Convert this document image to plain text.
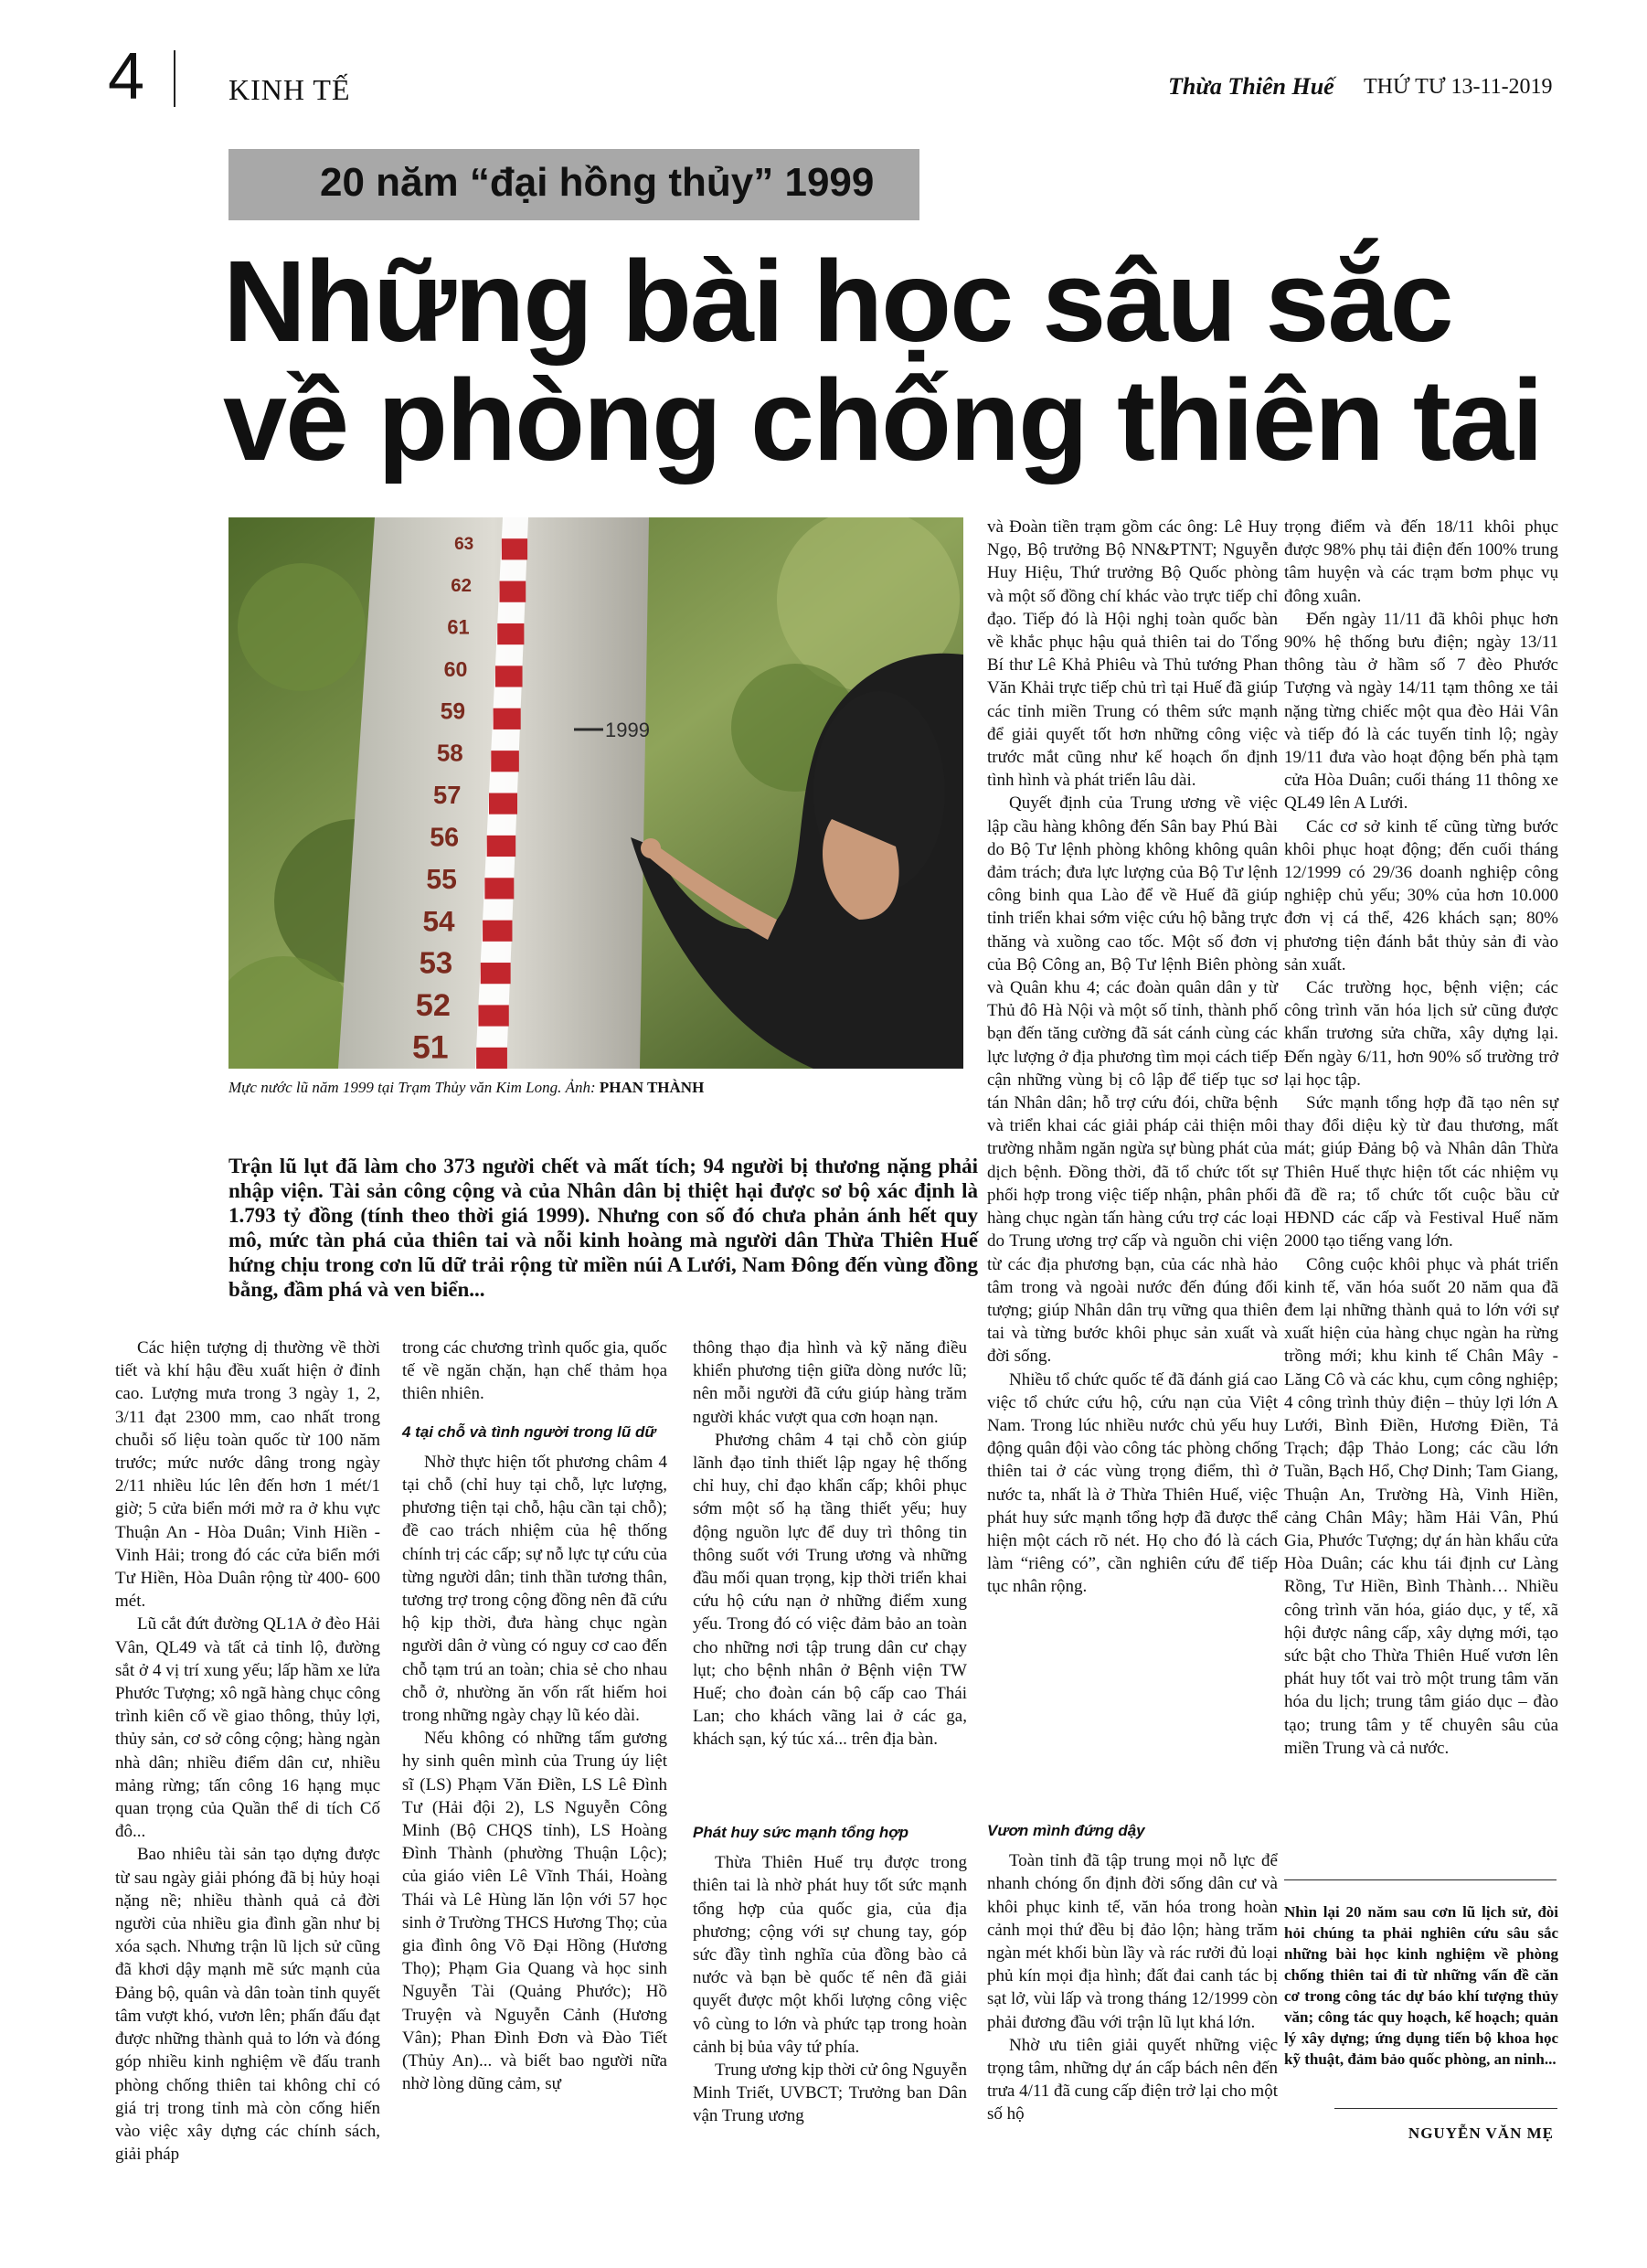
4	KINH TẾ	Thừa Thiên Huế THỨ TƯ 13-11-2019
20 năm “đại hồng thủy” 1999
Những bài học sâu sắc
về phòng chống thiên tai
63
62
61
60
59
58
57
56
55
54
53
52
51
1999
Mực nước lũ năm 1999 tại Trạm Thủy văn Kim Long. Ảnh: PHAN THÀNH
Trận lũ lụt đã làm cho 373 người chết và mất tích; 94 người bị thương nặng phải nhập viện. Tài sản công cộng và của Nhân dân bị thiệt hại được sơ bộ xác định là 1.793 tỷ đồng (tính theo thời giá 1999). Nhưng con số đó chưa phản ánh hết quy mô, mức tàn phá của thiên tai và nỗi kinh hoàng mà người dân Thừa Thiên Huế hứng chịu trong cơn lũ dữ trải rộng từ miền núi A Lưới, Nam Đông đến vùng đồng bằng, đầm phá và ven biển...

Các hiện tượng dị thường về thời tiết và khí hậu đều xuất hiện ở đỉnh cao. Lượng mưa trong 3 ngày 1, 2, 3/11 đạt 2300 mm, cao nhất trong chuỗi số liệu toàn quốc từ 100 năm trước; mức nước dâng trong ngày 2/11 nhiều lúc lên đến hơn 1 mét/1 giờ; 5 cửa biển mới mở ra ở khu vực Thuận An - Hòa Duân; Vinh Hiền - Vinh Hải; trong đó các cửa biển mới Tư Hiền, Hòa Duân rộng từ 400- 600 mét.

Lũ cắt đứt đường QL1A ở đèo Hải Vân, QL49 và tất cả tỉnh lộ, đường sắt ở 4 vị trí xung yếu; lấp hầm xe lửa Phước Tượng; xô ngã hàng chục công trình kiên cố về giao thông, thủy lợi, thủy sản, cơ sở công cộng; hàng ngàn nhà dân; nhiều điểm dân cư, nhiều mảng rừng; tấn công 16 hạng mục quan trọng của Quần thể di tích Cố đô...

Bao nhiêu tài sản tạo dựng được từ sau ngày giải phóng đã bị hủy hoại nặng nề; nhiều thành quả cả đời người của nhiều gia đình gần như bị xóa sạch. Nhưng trận lũ lịch sử cũng đã khơi dậy mạnh mẽ sức mạnh của Đảng bộ, quân và dân toàn tỉnh quyết tâm vượt khó, vươn lên; phấn đấu đạt được những thành quả to lớn và đóng góp nhiều kinh nghiệm về đấu tranh phòng chống thiên tai không chỉ có giá trị trong tỉnh mà còn cống hiến vào việc xây dựng các chính sách, giải pháp

trong các chương trình quốc gia, quốc tế về ngăn chặn, hạn chế thảm họa thiên nhiên.

4 tại chỗ và tình người trong lũ dữ

Nhờ thực hiện tốt phương châm 4 tại chỗ (chỉ huy tại chỗ, lực lượng, phương tiện tại chỗ, hậu cần tại chỗ); đề cao trách nhiệm của hệ thống chính trị các cấp; sự nỗ lực tự cứu của từng người dân; tinh thần tương thân, tương trợ trong cộng đồng nên đã cứu hộ kịp thời, đưa hàng chục ngàn người dân ở vùng có nguy cơ cao đến chỗ tạm trú an toàn; chia sẻ cho nhau chỗ ở, nhường ăn vốn rất hiếm hoi trong những ngày chạy lũ kéo dài.

Nếu không có những tấm gương hy sinh quên mình của Trung úy liệt sĩ (LS) Phạm Văn Điền, LS Lê Đình Tư (Hải đội 2), LS Nguyễn Công Minh (Bộ CHQS tỉnh), LS Hoàng Đình Thành (phường Thuận Lộc); của giáo viên Lê Vĩnh Thái, Hoàng Thái và Lê Hùng lăn lộn với 57 học sinh ở Trường THCS Hương Thọ; của gia đình ông Võ Đại Hồng (Hương Thọ); Phạm Gia Quang và học sinh Nguyễn Tài (Quảng Phước); Hồ Truyện và Nguyễn Cảnh (Hương Vân); Phan Đình Đơn và Đào Tiết (Thủy An)... và biết bao người nữa nhờ lòng dũng cảm, sự

thông thạo địa hình và kỹ năng điều khiển phương tiện giữa dòng nước lũ; nên mỗi người đã cứu giúp hàng trăm người khác vượt qua cơn hoạn nạn.

Phương châm 4 tại chỗ còn giúp lãnh đạo tỉnh thiết lập ngay hệ thống chỉ huy, chỉ đạo khẩn cấp; khôi phục sớm một số hạ tầng thiết yếu; huy động nguồn lực để duy trì thông tin thông suốt với Trung ương và những đầu mối quan trọng, kịp thời triển khai cứu hộ cứu nạn ở những điểm xung yếu. Trong đó có việc đảm bảo an toàn cho những nơi tập trung dân cư chạy lụt; cho bệnh nhân ở Bệnh viện TW Huế; cho đoàn cán bộ cấp cao Thái Lan; cho khách vãng lai ở các ga, khách sạn, ký túc xá... trên địa bàn.

Phát huy sức mạnh tổng hợp

Thừa Thiên Huế trụ được trong thiên tai là nhờ phát huy tốt sức mạnh tổng hợp của quốc gia, của địa phương; cộng với sự chung tay, góp sức đầy tình nghĩa của đồng bào cả nước và bạn bè quốc tế nên đã giải quyết được một khối lượng công việc vô cùng to lớn và phức tạp trong hoàn cảnh bị bủa vây tứ phía.

Trung ương kịp thời cử ông Nguyễn Minh Triết, UVBCT; Trưởng ban Dân vận Trung ương

và Đoàn tiền trạm gồm các ông: Lê Huy Ngọ, Bộ trưởng Bộ NN&PTNT; Nguyễn Huy Hiệu, Thứ trưởng Bộ Quốc phòng và một số đồng chí khác vào trực tiếp chỉ đạo. Tiếp đó là Hội nghị toàn quốc bàn về khắc phục hậu quả thiên tai do Tổng Bí thư Lê Khả Phiêu và Thủ tướng Phan Văn Khải trực tiếp chủ trì tại Huế đã giúp các tỉnh miền Trung có thêm sức mạnh để giải quyết tốt hơn những công việc trước mắt cũng như kế hoạch ổn định tình hình và phát triển lâu dài.

Quyết định của Trung ương về việc lập cầu hàng không đến Sân bay Phú Bài do Bộ Tư lệnh phòng không không quân đảm trách; đưa lực lượng của Bộ Tư lệnh công binh qua Lào để về Huế đã giúp tỉnh triển khai sớm việc cứu hộ bằng trực thăng và xuồng cao tốc. Một số đơn vị của Bộ Công an, Bộ Tư lệnh Biên phòng và Quân khu 4; các đoàn quân dân y từ Thủ đô Hà Nội và một số tỉnh, thành phố bạn đến tăng cường đã sát cánh cùng các lực lượng ở địa phương tìm mọi cách tiếp cận những vùng bị cô lập để tiếp tục sơ tán Nhân dân; hỗ trợ cứu đói, chữa bệnh và triển khai các giải pháp cải thiện môi trường nhằm ngăn ngừa sự bùng phát của dịch bệnh. Đồng thời, đã tổ chức tốt sự phối hợp trong việc tiếp nhận, phân phối hàng chục ngàn tấn hàng cứu trợ các loại do Trung ương trợ cấp và nguồn chi viện từ các địa phương bạn, của các nhà hảo tâm trong và ngoài nước đến đúng đối tượng; giúp Nhân dân trụ vững qua thiên tai và từng bước khôi phục sản xuất và đời sống.

Nhiều tổ chức quốc tế đã đánh giá cao việc tổ chức cứu hộ, cứu nạn của Việt Nam. Trong lúc nhiều nước chủ yếu huy động quân đội vào công tác phòng chống thiên tai ở các vùng trọng điểm, thì ở nước ta, nhất là ở Thừa Thiên Huế, việc phát huy sức mạnh tổng hợp đã được thể hiện một cách rõ nét. Họ cho đó là cách làm “riêng có”, cần nghiên cứu để tiếp tục nhân rộng.

Vươn mình đứng dậy

Toàn tỉnh đã tập trung mọi nỗ lực để nhanh chóng ổn định đời sống dân cư và khôi phục kinh tế, văn hóa trong hoàn cảnh mọi thứ đều bị đảo lộn; hàng trăm ngàn mét khối bùn lầy và rác rưởi đủ loại phủ kín mọi địa hình; đất đai canh tác bị sạt lở, vùi lấp và trong tháng 12/1999 còn phải đương đầu với trận lũ lụt khá lớn.

Nhờ ưu tiên giải quyết những việc trọng tâm, những dự án cấp bách nên đến trưa 4/11 đã cung cấp điện trở lại cho một số hộ

trọng điểm và đến 18/11 khôi phục được 98% phụ tải điện đến 100% trung tâm huyện và các trạm bơm phục vụ đông xuân.

Đến ngày 11/11 đã khôi phục hơn 90% hệ thống bưu điện; ngày 13/11 thông tàu ở hầm số 7 đèo Phước Tượng và ngày 14/11 tạm thông xe tải nặng từng chiếc một qua đèo Hải Vân và tiếp đó là các tuyến tỉnh lộ; ngày 19/11 đưa vào hoạt động bến phà tạm cửa Hòa Duân; cuối tháng 11 thông xe QL49 lên A Lưới.

Các cơ sở kinh tế cũng từng bước khôi phục hoạt động; đến cuối tháng 12/1999 có 29/36 doanh nghiệp công nghiệp chủ yếu; 30% của hơn 10.000 đơn vị cá thể, 426 khách sạn; 80% phương tiện đánh bắt thủy sản đi vào sản xuất.

Các trường học, bệnh viện; các công trình văn hóa lịch sử cũng được khẩn trương sửa chữa, xây dựng lại. Đến ngày 6/11, hơn 90% số trường trở lại học tập.

Sức mạnh tổng hợp đã tạo nên sự thay đổi diệu kỳ từ đau thương, mất mát; giúp Đảng bộ và Nhân dân Thừa Thiên Huế thực hiện tốt các nhiệm vụ đã đề ra; tổ chức tốt cuộc bầu cử HĐND các cấp và Festival Huế năm 2000 tạo tiếng vang lớn.

Công cuộc khôi phục và phát triển kinh tế, văn hóa suốt 20 năm qua đã đem lại những thành quả to lớn với sự xuất hiện của hàng chục ngàn ha rừng trồng mới; khu kinh tế Chân Mây - Lăng Cô và các khu, cụm công nghiệp; 4 công trình thủy điện – thủy lợi lớn A Lưới, Bình Điền, Hương Điền, Tả Trạch; đập Thảo Long; các cầu lớn Tuần, Bạch Hổ, Chợ Dinh; Tam Giang, Thuận An, Trường Hà, Vinh Hiền, cảng Chân Mây; hầm Hải Vân, Phú Gia, Phước Tượng; dự án hàn khẩu cửa Hòa Duân; các khu tái định cư Làng Rồng, Tư Hiền, Bình Thành… Nhiều công trình văn hóa, giáo dục, y tế, xã hội được nâng cấp, xây dựng mới, tạo sức bật cho Thừa Thiên Huế vươn lên phát huy tốt vai trò một trung tâm văn hóa du lịch; trung tâm giáo dục – đào tạo; trung tâm y tế chuyên sâu của miền Trung và cả nước.

Nhìn lại 20 năm sau cơn lũ lịch sử, đòi hỏi chúng ta phải nghiên cứu sâu sắc những bài học kinh nghiệm về phòng chống thiên tai đi từ những vấn đề căn cơ trong công tác dự báo khí tượng thủy văn; công tác quy hoạch, kế hoạch; quản lý xây dựng; ứng dụng tiến bộ khoa học kỹ thuật, đảm bảo quốc phòng, an ninh...
NGUYỄN VĂN MẸ
